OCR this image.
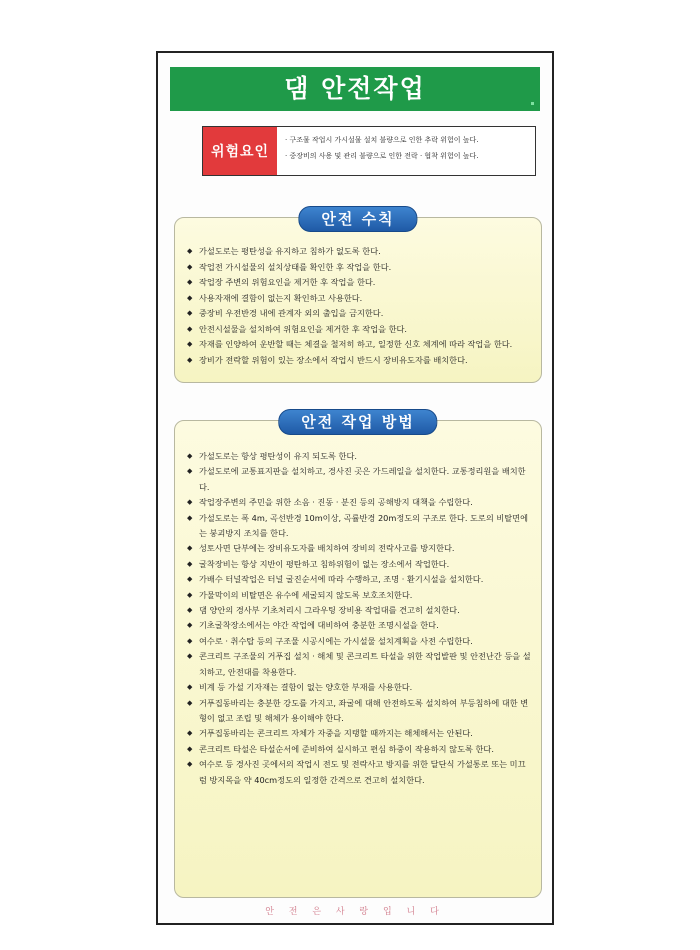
댐 안전작업
위험요인
· 구조물 작업시 가시설물 설치 불량으로 인한 추락 위험이 높다.
· 중장비의 사용 및 관리 불량으로 인한 전락 · 협착 위험이 높다.
안전 수칙
◆ 가설도로는 평탄성을 유지하고 침하가 없도록 한다.
◆ 작업전 가시설물의 설치상태를 확인한 후 작업을 한다.
◆ 작업장 주변의 위험요인을 제거한 후 작업을 한다.
◆ 사용자재에 결함이 없는지 확인하고 사용한다.
◆ 중장비 우전반경 내에 관계자 외의 출입을 금지한다.
◆ 안전시설물을 설치하여 위험요인을 제거한 후 작업을 한다.
◆ 자재를 인양하여 운반할 때는 체결을 철저히 하고, 일정한 신호 체계에 따라 작업을 한다.
◆ 장비가 전락할 위험이 있는 장소에서 작업시 반드시 장비유도자를 배치한다.
안전 작업 방법
◆ 가설도로는 항상 평탄성이 유지 되도록 한다.
◆ 가설도로에 교통표지판을 설치하고, 경사진 곳은 가드레일을 설치한다. 교통정리원을 배치한다.
◆ 작업장주변의 주민을 위한 소음 · 진동 · 분진 등의 공해방지 대책을 수립한다.
◆ 가설도로는 폭 4m, 곡선반경 10m이상, 곡률반경 20m정도의 구조로 한다. 도로의 비탈면에는 붕괴방지 조치를 한다.
◆ 성토사면 단부에는 장비유도자를 배치하여 장비의 전락사고를 방지한다.
◆ 굴착장비는 항상 지반이 평탄하고 침하위험이 없는 장소에서 작업한다.
◆ 가배수 터널작업은 터널 굴진순서에 따라 수행하고, 조명 · 환기시설을 설치한다.
◆ 가물막이의 비탈면은 유수에 세굴되지 않도록 보호조치한다.
◆ 댐 양안의 경사부 기초처리시 그라우팅 장비용 작업대를 견고히 설치한다.
◆ 기초굴착장소에서는 야간 작업에 대비하여 충분한 조명시설을 한다.
◆ 여수로 · 취수탑 등의 구조물 시공시에는 가시설물 설치계획을 사전 수립한다.
◆ 콘크리트 구조물의 거푸집 설치 · 해체 및 콘크리트 타설을 위한 작업발판 및 안전난간 등을 설치하고, 안전대를 착용한다.
◆ 비계 등 가설 기자재는 결함이 없는 양호한 부재를 사용한다.
◆ 거푸집동바리는 충분한 강도를 가지고, 좌굴에 대해 안전하도록 설치하여 부등침하에 대한 변형이 없고 조립 및 해체가 용이해야 한다.
◆ 거푸집동바리는 콘크리트 자체가 자중을 지탱할 때까지는 해체해서는 안된다.
◆ 콘크리트 타설은 타설순서에 준비하여 실시하고 편심 하중이 작용하지 않도록 한다.
◆ 여수로 등 경사진 곳에서의 작업시 전도 및 전락사고 방지를 위한 달단식 가설통로 또는 미끄럼 방지목을 약 40cm정도의 일정한 간격으로 견고히 설치한다.
안 전 은 사 랑 입 니 다
